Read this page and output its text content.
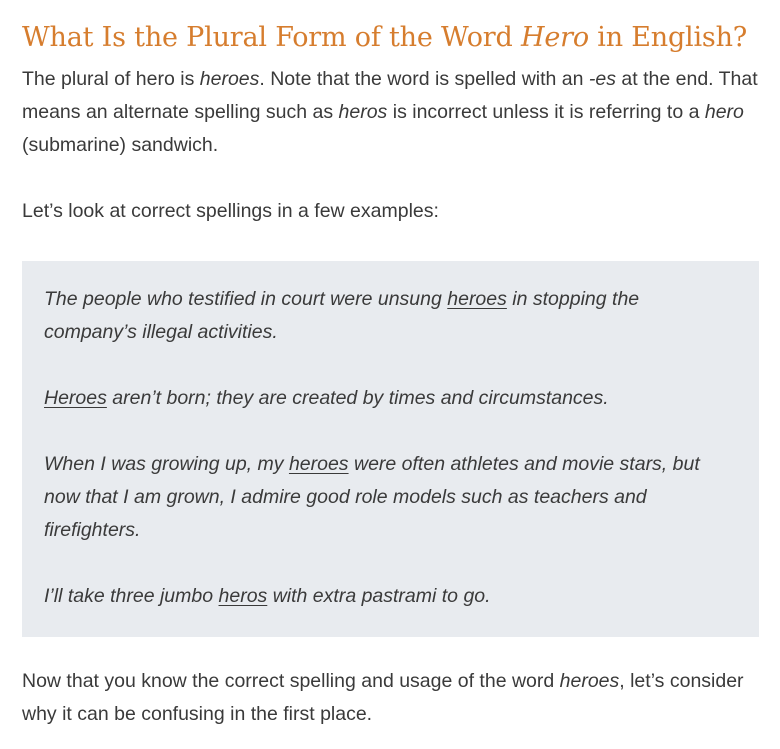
What Is the Plural Form of the Word Hero in English?

The plural of hero is heroes. Note that the word is spelled with an -es at the end. That means an alternate spelling such as heros is incorrect unless it is referring to a hero (submarine) sandwich.

Let’s look at correct spellings in a few examples:

The people who testified in court were unsung heroes in stopping the company’s illegal activities.

Heroes aren’t born; they are created by times and circumstances.

When I was growing up, my heroes were often athletes and movie stars, but now that I am grown, I admire good role models such as teachers and firefighters.

I’ll take three jumbo heros with extra pastrami to go.

Now that you know the correct spelling and usage of the word heroes, let’s consider why it can be confusing in the first place.
